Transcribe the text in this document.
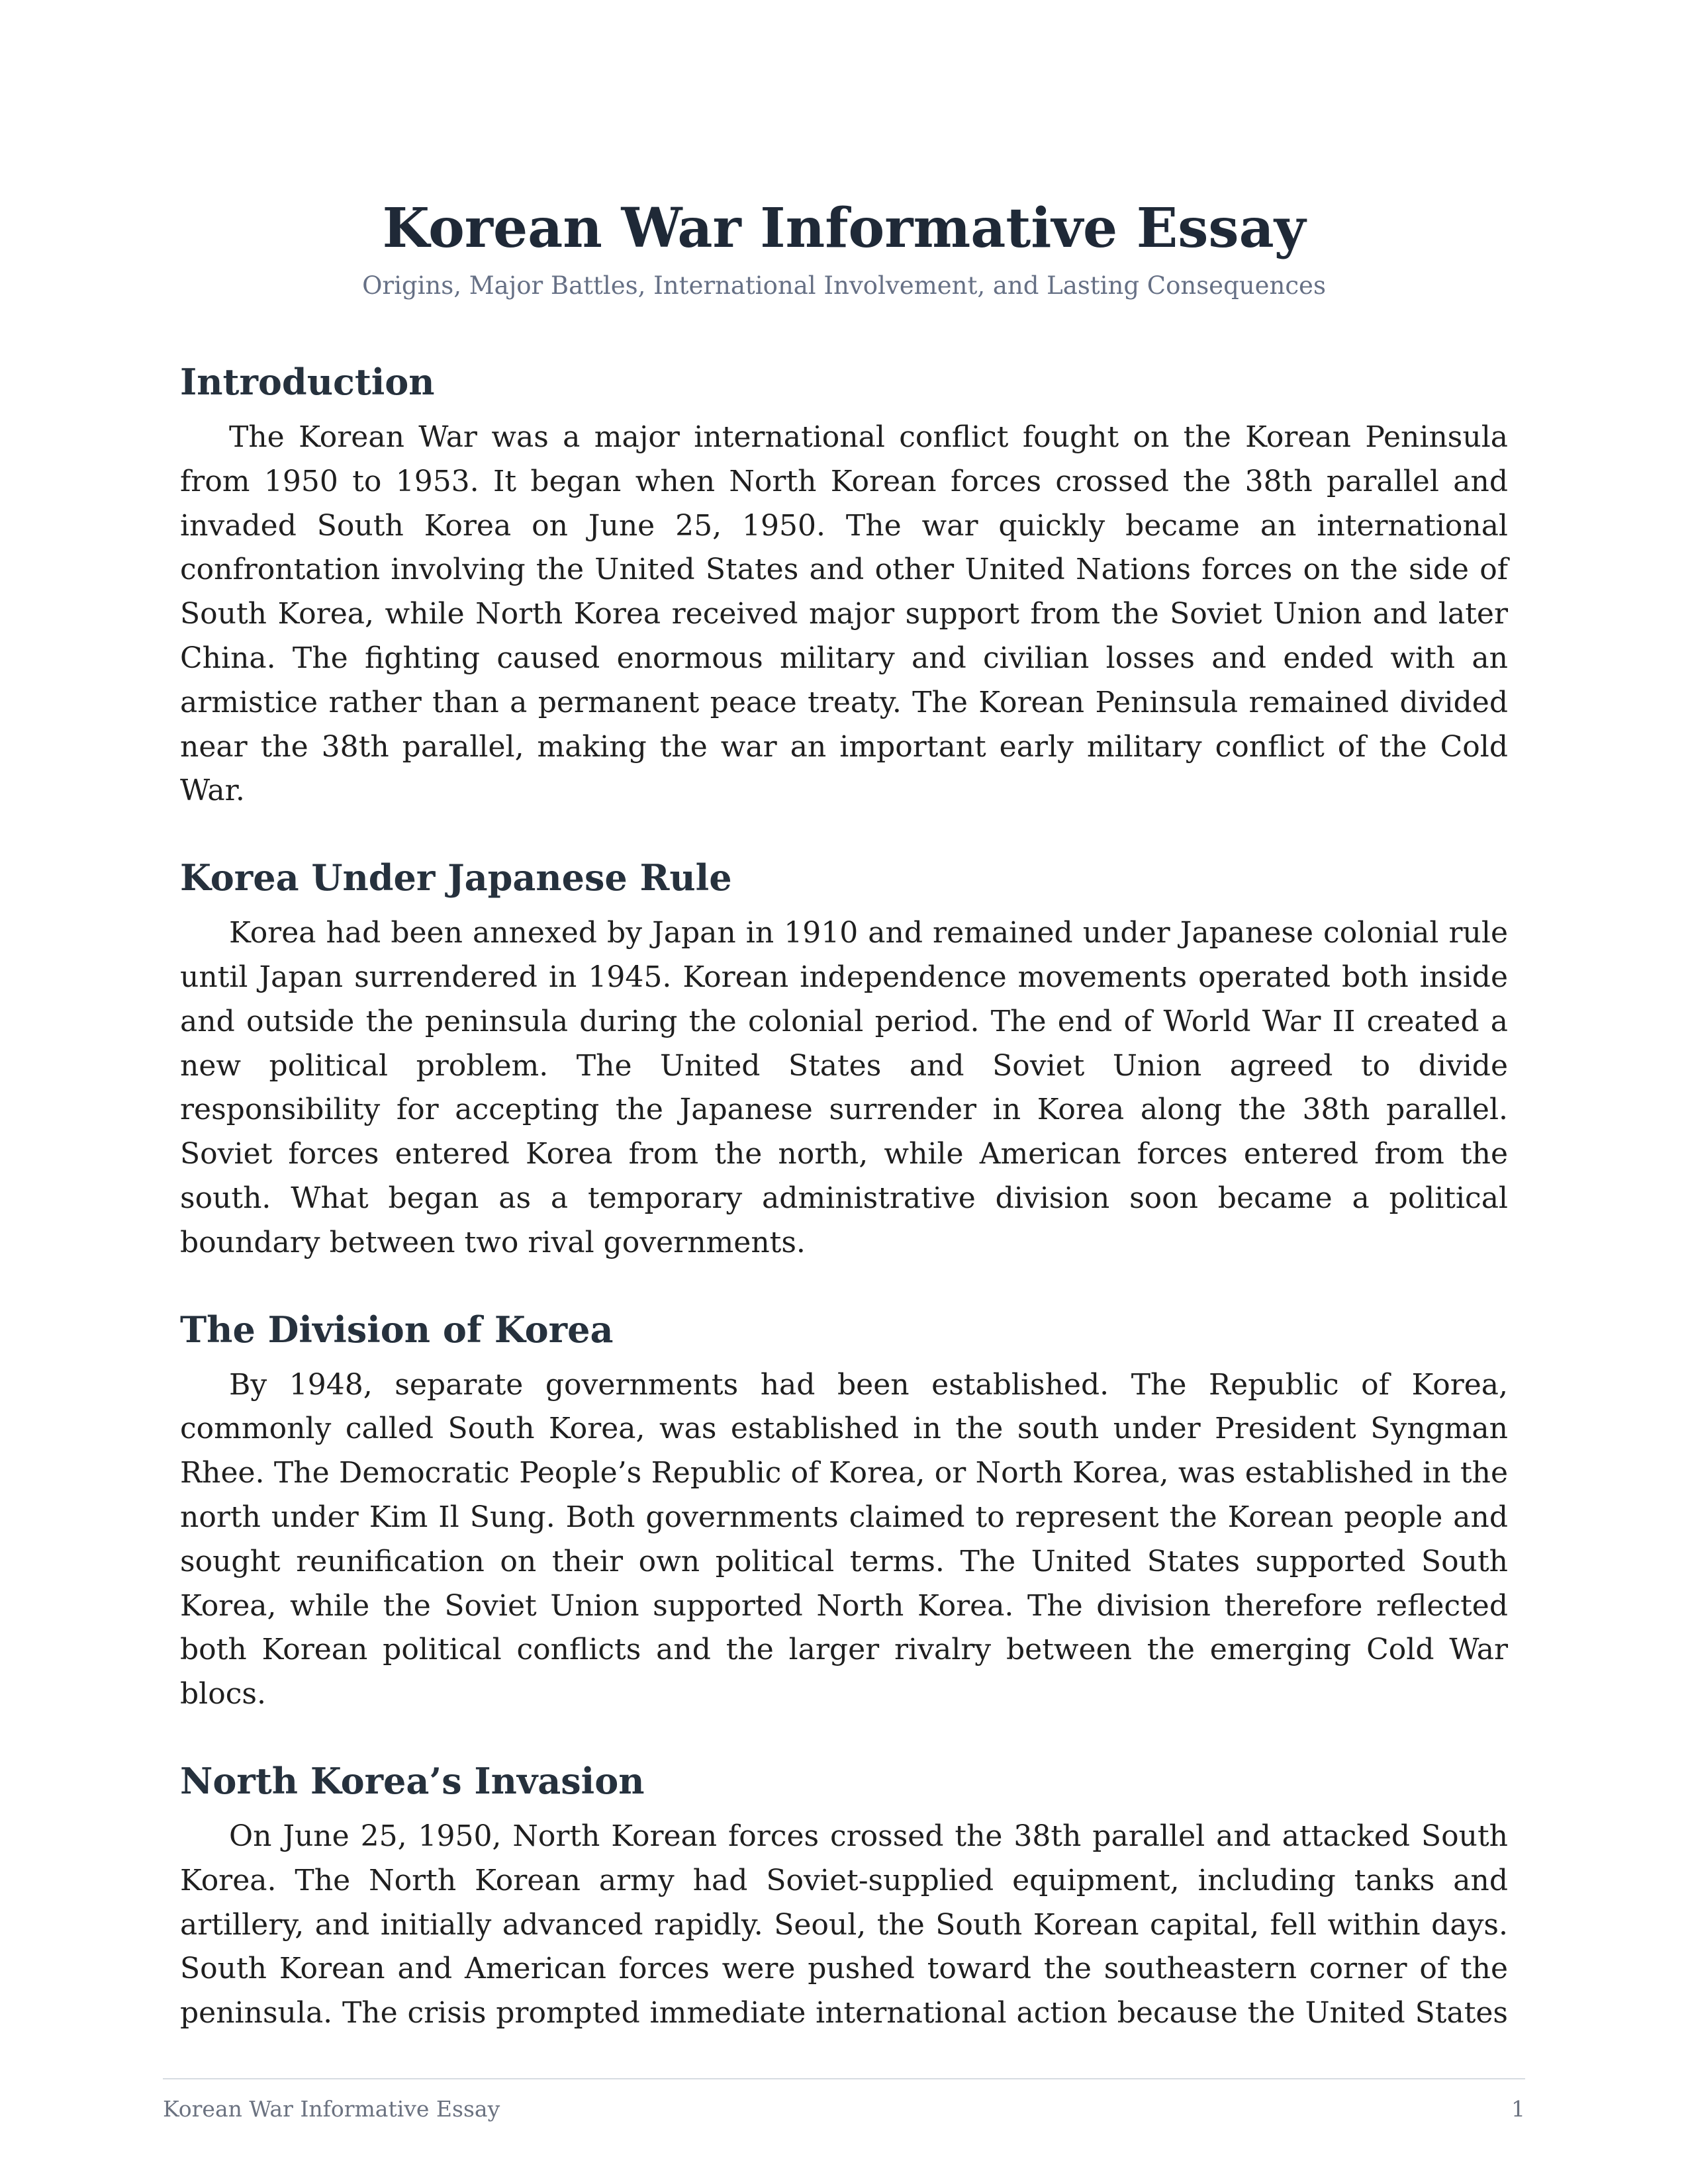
Korean War Informative Essay
Origins, Major Battles, International Involvement, and Lasting Consequences
Introduction

The Korean War was a major international conflict fought on the Korean Peninsula from 1950 to 1953. It began when North Korean forces crossed the 38th parallel and invaded South Korea on June 25, 1950. The war quickly became an international confrontation involving the United States and other United Nations forces on the side of South Korea, while North Korea received major support from the Soviet Union and later China. The fighting caused enormous military and civilian losses and ended with an armistice rather than a permanent peace treaty. The Korean Peninsula remained divided near the 38th parallel, making the war an important early military conflict of the Cold War.

Korea Under Japanese Rule

Korea had been annexed by Japan in 1910 and remained under Japanese colonial rule until Japan surrendered in 1945. Korean independence movements operated both inside and outside the peninsula during the colonial period. The end of World War II created a new political problem. The United States and Soviet Union agreed to divide responsibility for accepting the Japanese surrender in Korea along the 38th parallel. Soviet forces entered Korea from the north, while American forces entered from the south. What began as a temporary administrative division soon became a political boundary between two rival governments.

The Division of Korea

By 1948, separate governments had been established. The Republic of Korea, commonly called South Korea, was established in the south under President Syngman Rhee. The Democratic People’s Republic of Korea, or North Korea, was established in the north under Kim Il Sung. Both governments claimed to represent the Korean people and sought reunification on their own political terms. The United States supported South Korea, while the Soviet Union supported North Korea. The division therefore reflected both Korean political conflicts and the larger rivalry between the emerging Cold War blocs.

North Korea’s Invasion

On June 25, 1950, North Korean forces crossed the 38th parallel and attacked South Korea. The North Korean army had Soviet-supplied equipment, including tanks and artillery, and initially advanced rapidly. Seoul, the South Korean capital, fell within days. South Korean and American forces were pushed toward the southeastern corner of the peninsula. The crisis prompted immediate international action because the United States

Korean War Informative Essay	1
